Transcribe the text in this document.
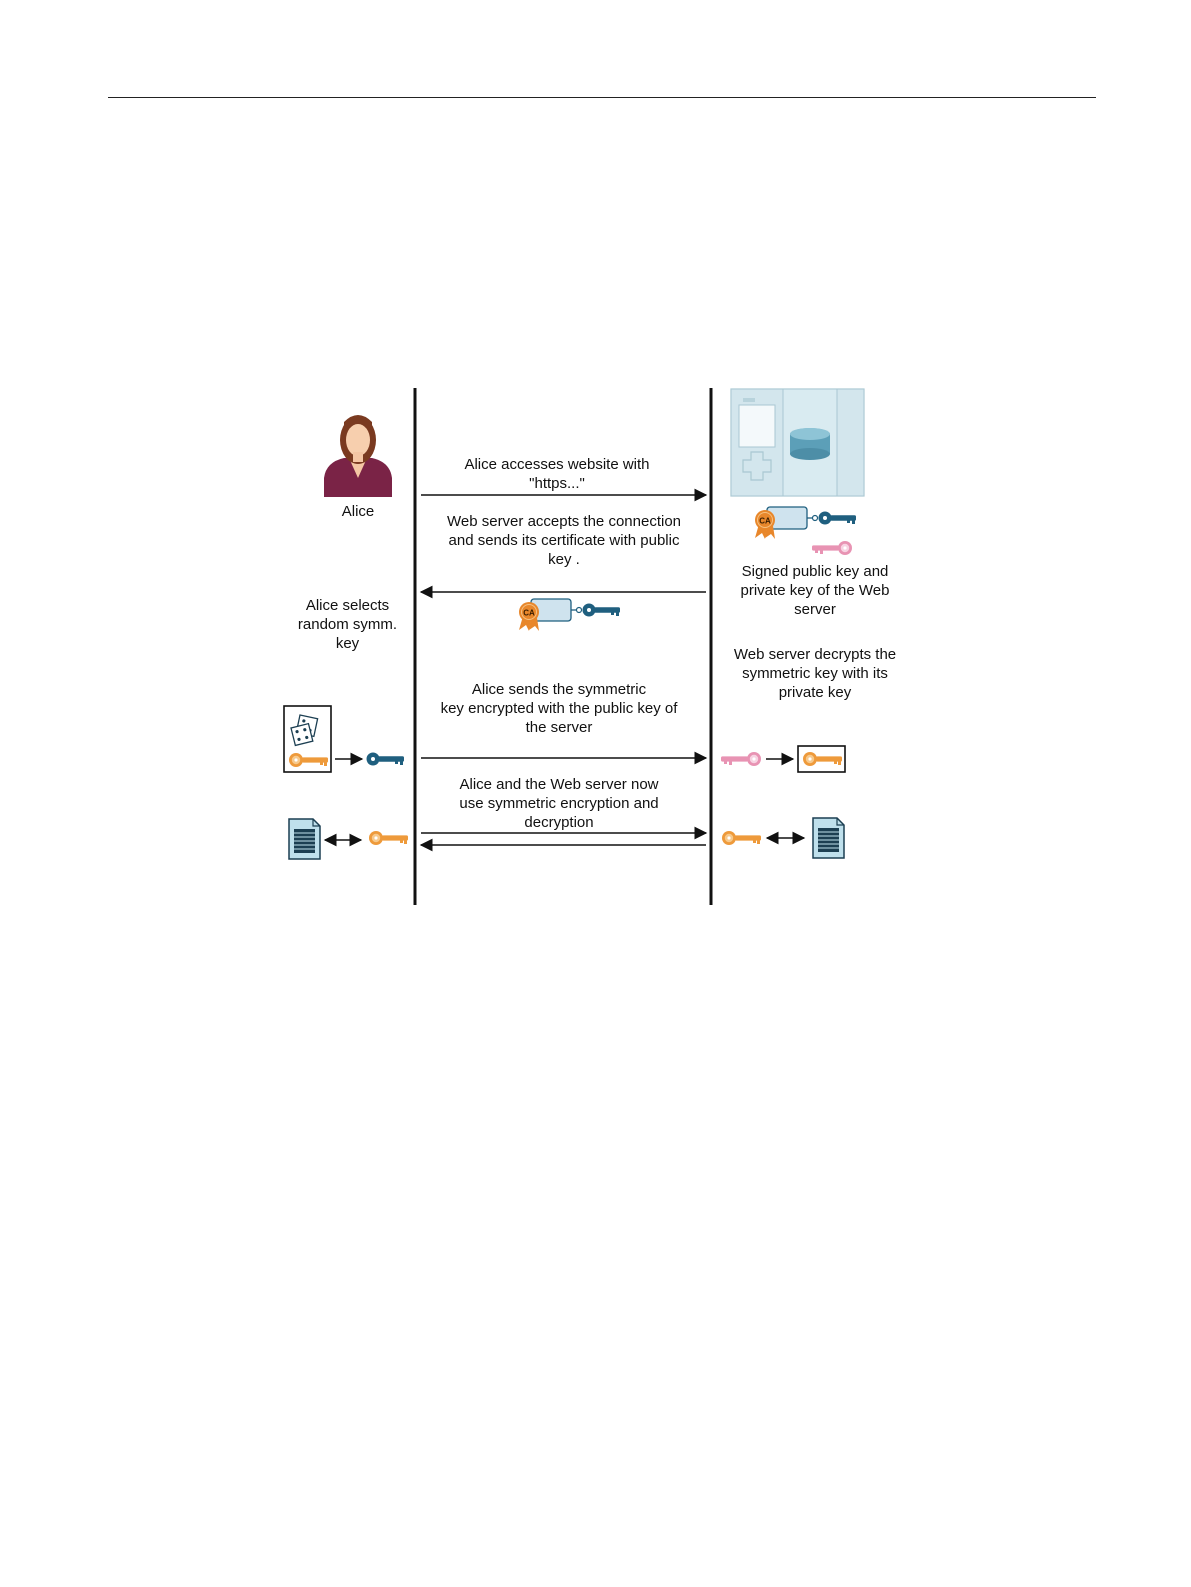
CA
Alice
Alice accesses website with
"https..."
Web server accepts the connection
and sends its certificate with public
key .
Signed public key and
private key of the Web
server
Alice selects
random symm.
key
Web server decrypts the
symmetric key with its
private key
Alice sends the symmetric
key encrypted with the public key of
the server
Alice and the Web server now
use symmetric encryption and
decryption
